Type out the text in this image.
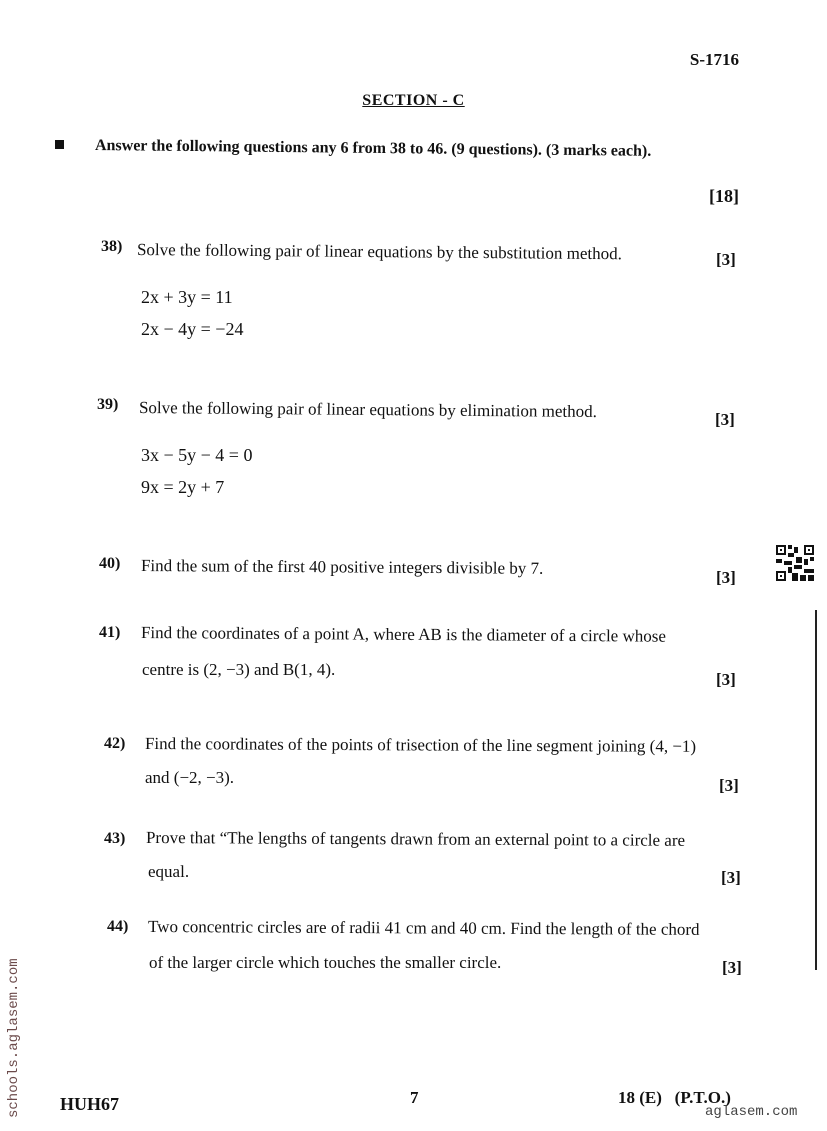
S-1716
SECTION - C
Answer the following questions any 6 from 38 to 46. (9 questions). (3 marks each).
[18]
38) Solve the following pair of linear equations by the substitution method.	[3]
2x + 3y = 11
2x − 4y = −24
39) Solve the following pair of linear equations by elimination method.	[3]
3x − 5y − 4 = 0
9x = 2y + 7
40) Find the sum of the first 40 positive integers divisible by 7.	[3]
41) Find the coordinates of a point A, where AB is the diameter of a circle whose
centre is (2, −3) and B(1, 4).
[3]
42) Find the coordinates of the points of trisection of the line segment joining (4, −1)
and (−2, −3).	[3]
43) Prove that “The lengths of tangents drawn from an external point to a circle are
equal.	[3]
44) Two concentric circles are of radii 41 cm and 40 cm. Find the length of the chord
of the larger circle which touches the smaller circle.	[3]
HUH67	7	18 (E)   (P.T.O.)
aglasem.com
schools.aglasem.com
